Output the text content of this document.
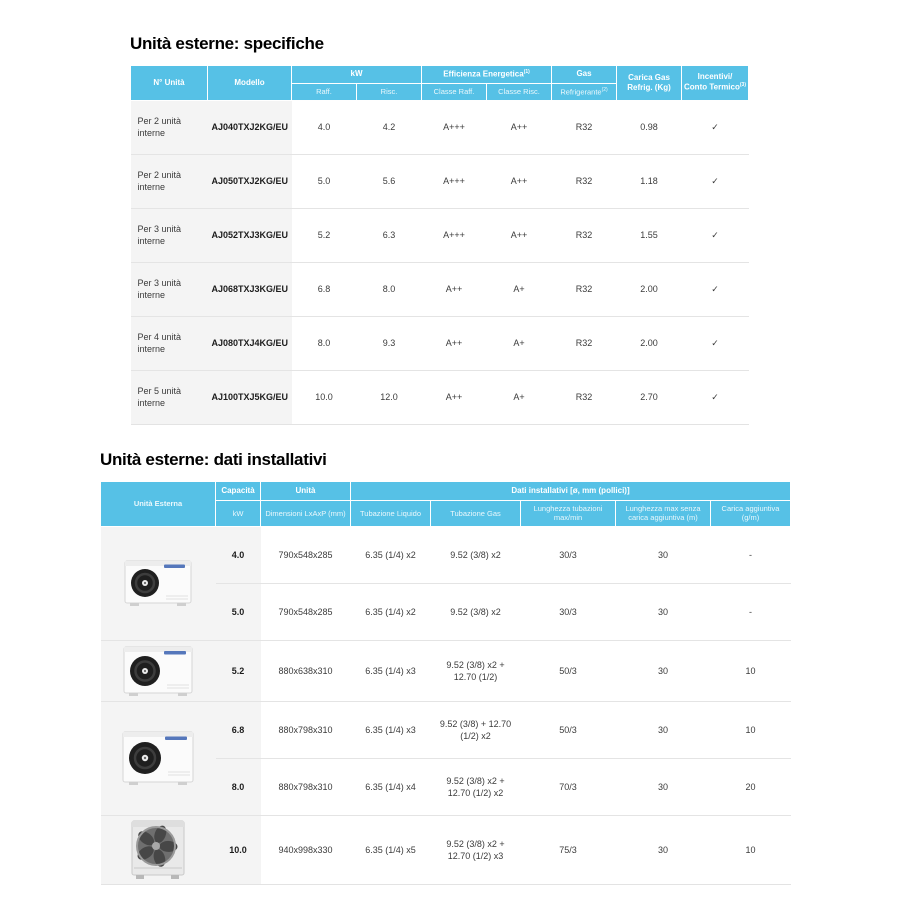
Unità esterne: specifiche
N° Unità	Modello	kW		Efficienza Energetica$^{(1)}$		Gas	Carica Gas
Refrig. (Kg)	Incentivi/
Conto Termico$^{(3)}$
		Raff.	Risc.	Classe Raff.	Classe Risc.	Refrigerante$^{(2)}$
Per 2 unità interne	AJ040TXJ2KG/EU	4.0	4.2	A+++	A++	R32	0.98	✓
Per 2 unità interne	AJ050TXJ2KG/EU	5.0	5.6	A+++	A++	R32	1.18	✓
Per 3 unità interne	AJ052TXJ3KG/EU	5.2	6.3	A+++	A++	R32	1.55	✓
Per 3 unità interne	AJ068TXJ3KG/EU	6.8	8.0	A++	A+	R32	2.00	✓
Per 4 unità interne	AJ080TXJ4KG/EU	8.0	9.3	A++	A+	R32	2.00	✓
Per 5 unità interne	AJ100TXJ5KG/EU	10.0	12.0	A++	A+	R32	2.70	✓
Unità esterne: dati installativi
Unità Esterna	Capacità	Unità	Dati installativi [ø, mm (pollici)]				
	kW	Dimensioni LxAxP (mm)	Tubazione Liquido	Tubazione Gas	Lunghezza tubazioni max/min	Lunghezza max senza carica aggiuntiva (m)	Carica aggiuntiva (g/m)

	4.0	790x548x285	6.35 (1/4) x2	9.52 (3/8) x2	30/3	30	-
	5.0	790x548x285	6.35 (1/4) x2	9.52 (3/8) x2	30/3	30	-

	5.2	880x638x310	6.35 (1/4) x3	9.52 (3/8) x2 + 12.70 (1/2)	50/3	30	10

	6.8	880x798x310	6.35 (1/4) x3	9.52 (3/8) + 12.70 (1/2) x2	50/3	30	10
	8.0	880x798x310	6.35 (1/4) x4	9.52 (3/8) x2 + 12.70 (1/2) x2	70/3	30	20

	10.0	940x998x330	6.35 (1/4) x5	9.52 (3/8) x2 + 12.70 (1/2) x3	75/3	30	10
